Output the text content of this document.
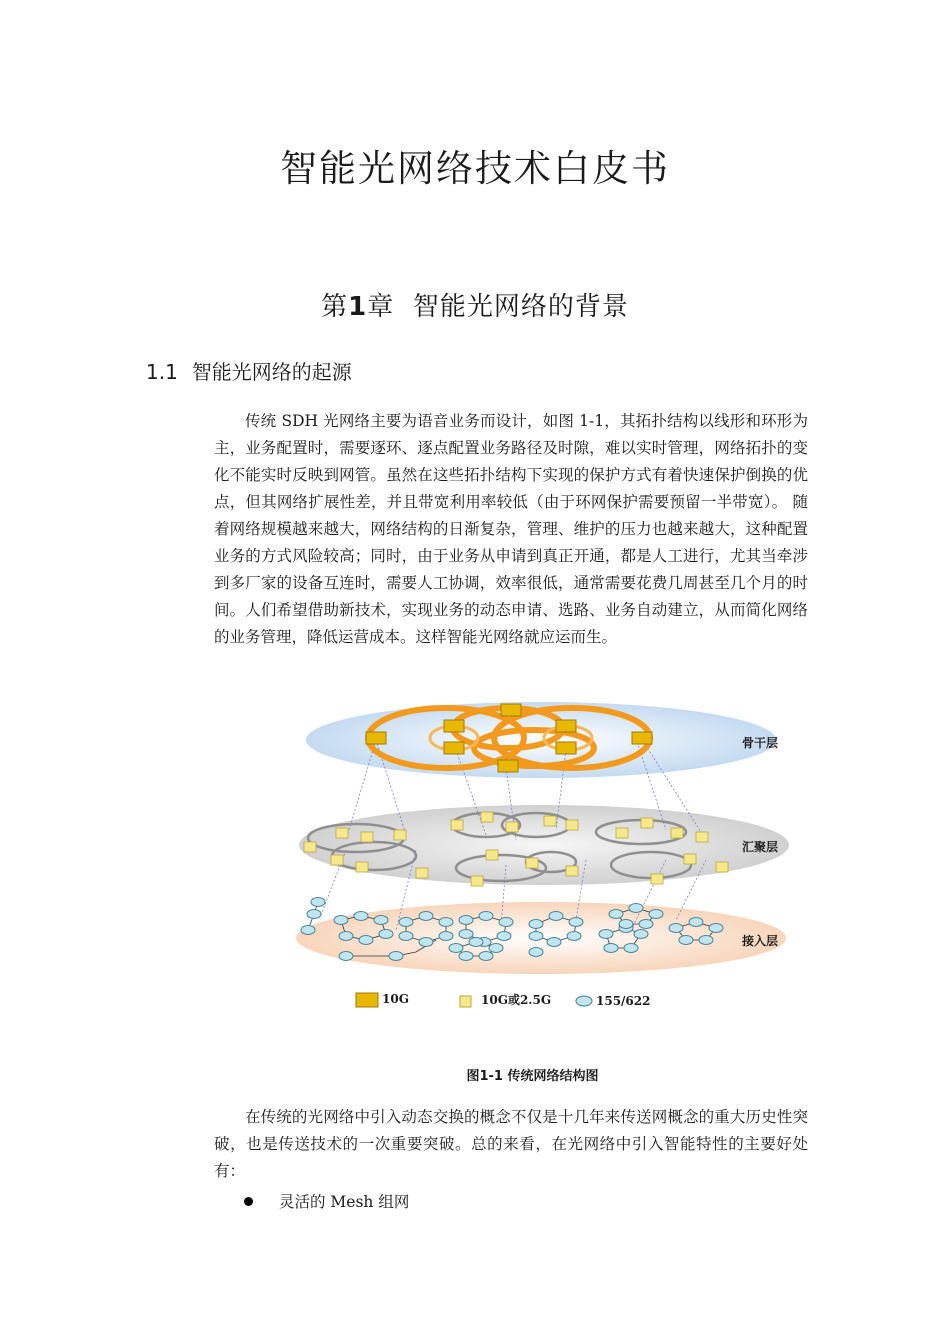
智能光网络技术白皮书
第1章 智能光网络的背景
1.1 智能光网络的起源

传统 SDH 光网络主要为语音业务而设计，如图 1-1，其拓扑结构以线形和环形为主，业务配置时，需要逐环、逐点配置业务路径及时隙，难以实时管理，网络拓扑的变化不能实时反映到网管。虽然在这些拓扑结构下实现的保护方式有着快速保护倒换的优点，但其网络扩展性差，并且带宽利用率较低（由于环网保护需要预留一半带宽）。 随着网络规模越来越大，网络结构的日渐复杂，管理、维护的压力也越来越大，这种配置业务的方式风险较高；同时，由于业务从申请到真正开通，都是人工进行，尤其当牵涉到多厂家的设备互连时，需要人工协调，效率很低，通常需要花费几周甚至几个月的时间。人们希望借助新技术，实现业务的动态申请、选路、业务自动建立，从而简化网络的业务管理，降低运营成本。这样智能光网络就应运而生。

骨干层
汇聚层
接入层
10G	10G或2.5G	155/622
图1-1 传统网络结构图

在传统的光网络中引入动态交换的概念不仅是十几年来传送网概念的重大历史性突破，也是传送技术的一次重要突破。总的来看，在光网络中引入智能特性的主要好处有：

灵活的 Mesh 组网
